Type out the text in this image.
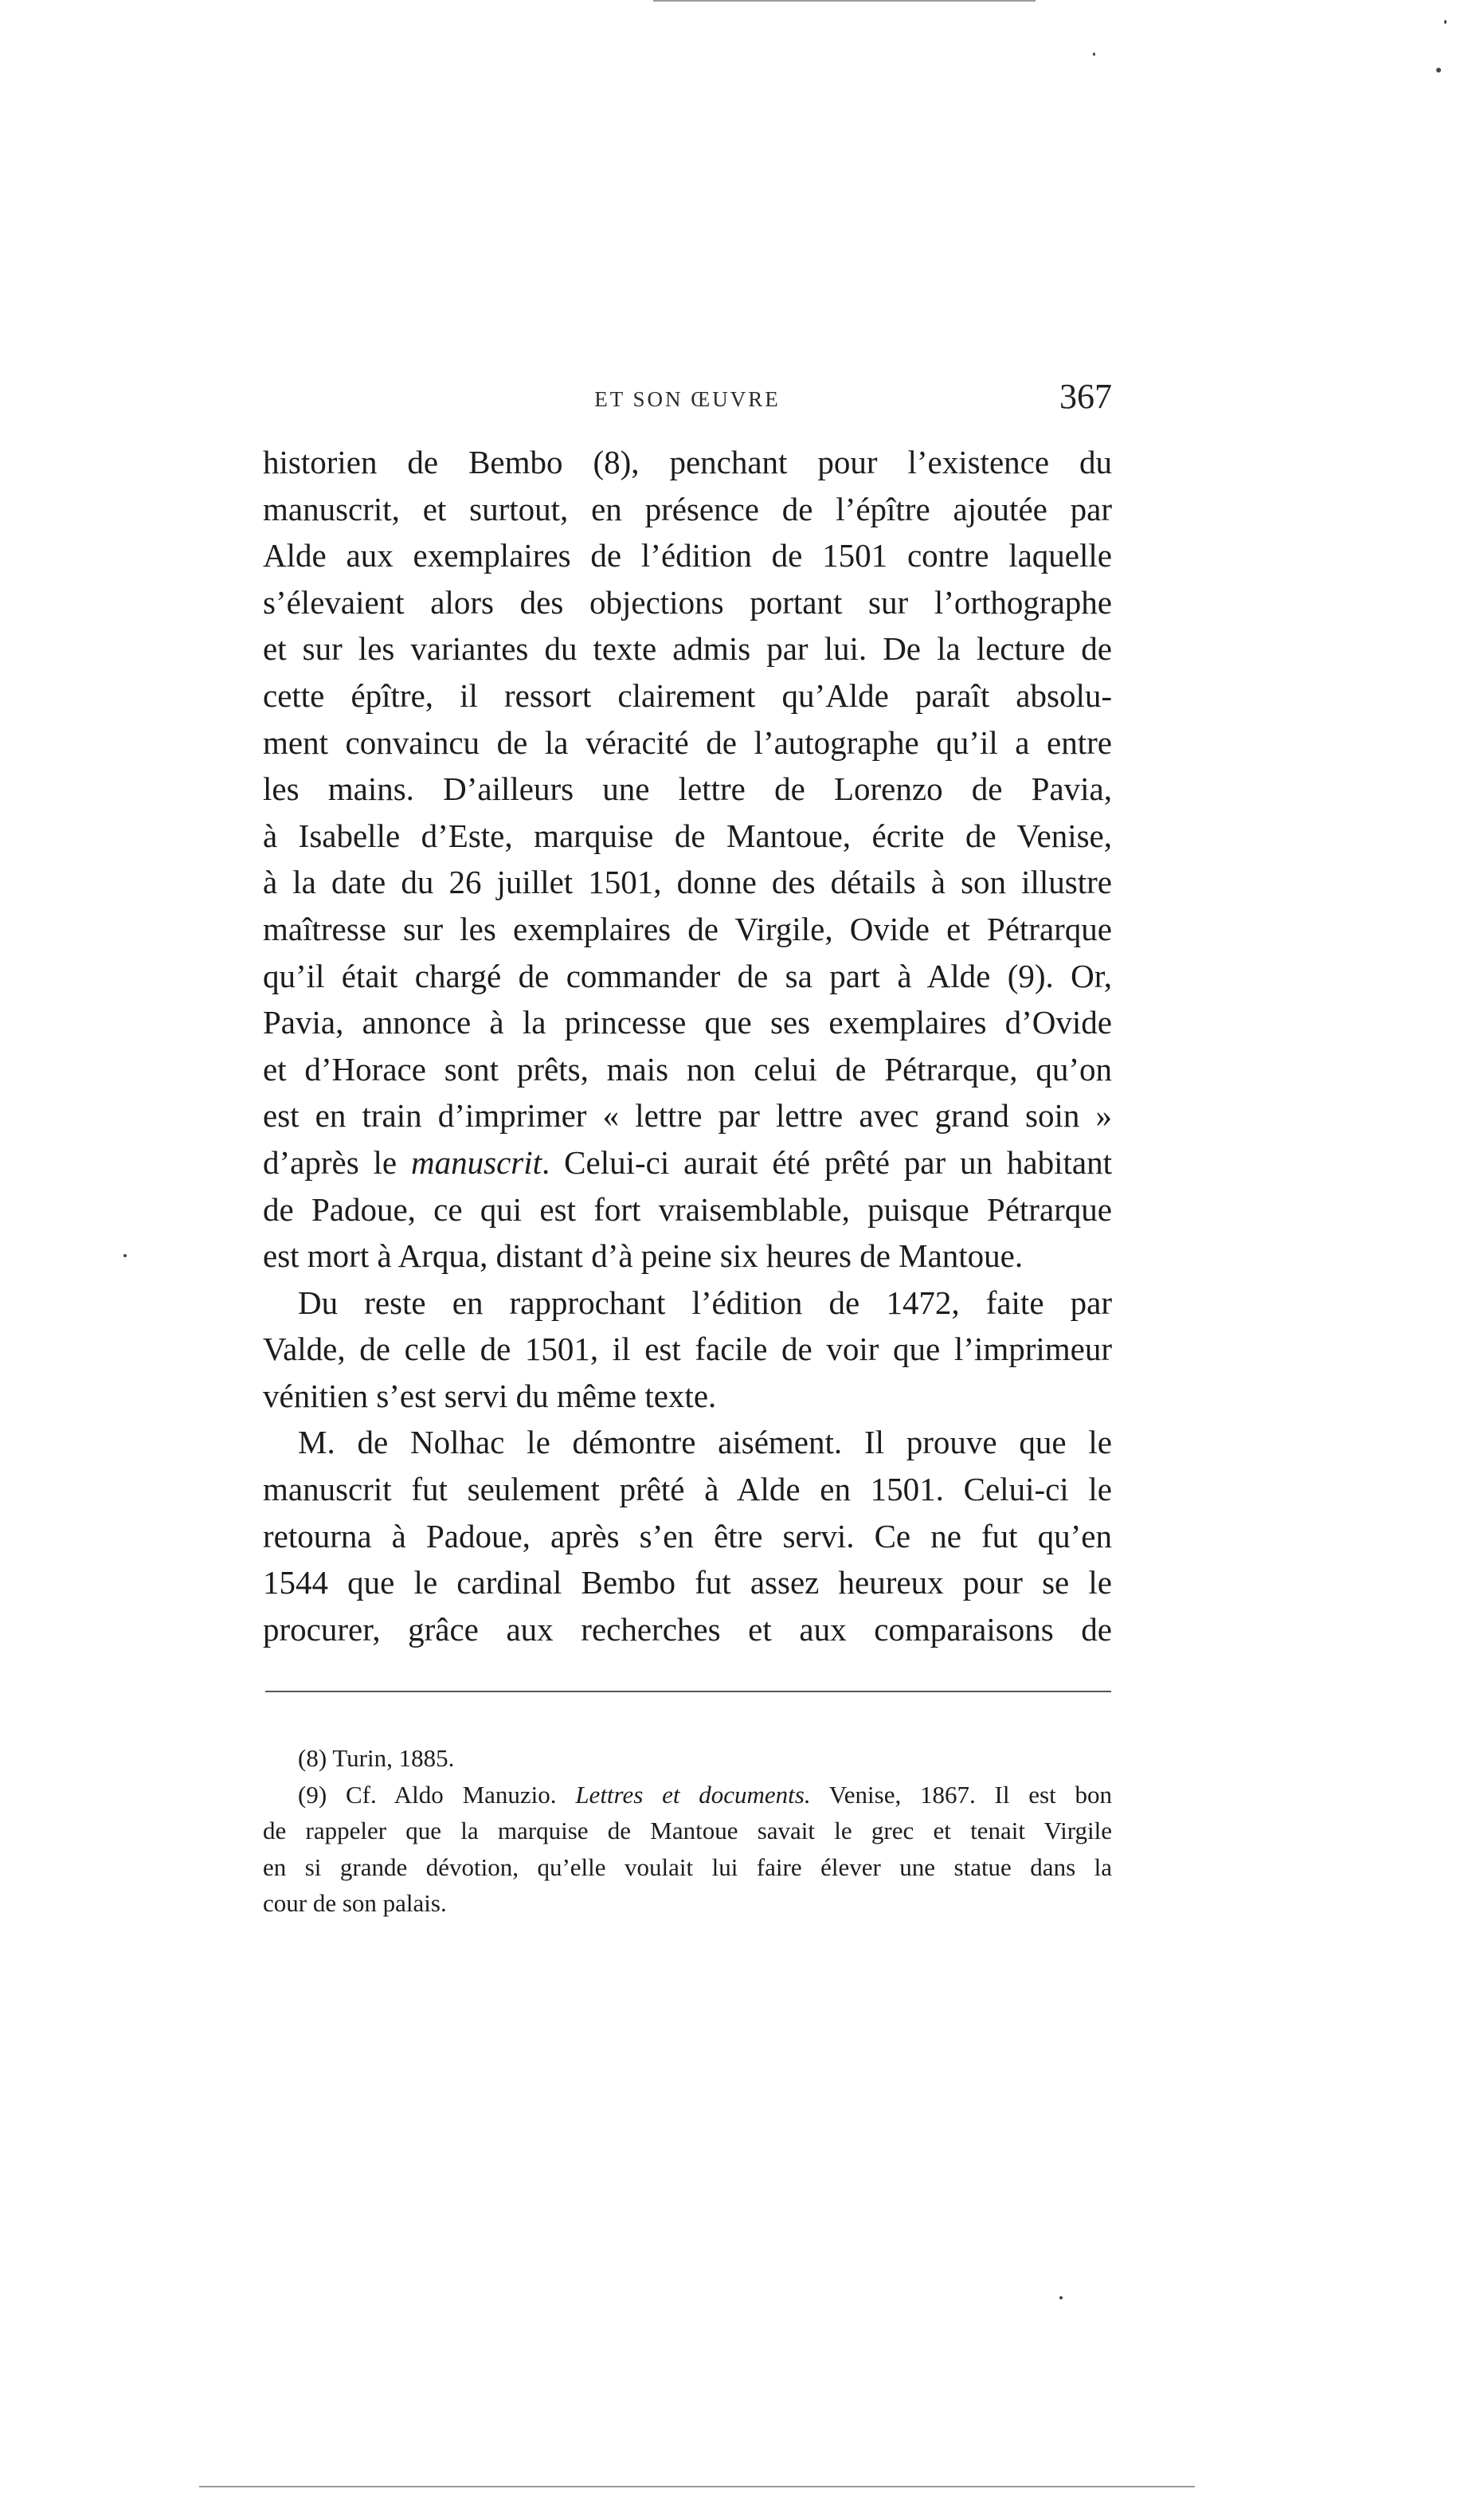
ET SON ŒUVRE	367
historien de Bembo (8), penchant pour l’existence du
manuscrit, et surtout, en présence de l’épître ajoutée par
Alde aux exemplaires de l’édition de 1501 contre laquelle
s’élevaient alors des objections portant sur l’orthographe
et sur les variantes du texte admis par lui. De la lecture de
cette épître, il ressort clairement qu’Alde paraît absolu-
ment convaincu de la véracité de l’autographe qu’il a entre
les mains. D’ailleurs une lettre de Lorenzo de Pavia,
à Isabelle d’Este, marquise de Mantoue, écrite de Venise,
à la date du 26 juillet 1501, donne des détails à son illustre
maîtresse sur les exemplaires de Virgile, Ovide et Pétrarque
qu’il était chargé de commander de sa part à Alde (9). Or,
Pavia, annonce à la princesse que ses exemplaires d’Ovide
et d’Horace sont prêts, mais non celui de Pétrarque, qu’on
est en train d’imprimer « lettre par lettre avec grand soin »
d’après le manuscrit. Celui-ci aurait été prêté par un habitant
de Padoue, ce qui est fort vraisemblable, puisque Pétrarque
est mort à Arqua, distant d’à peine six heures de Mantoue.
Du reste en rapprochant l’édition de 1472, faite par
Valde, de celle de 1501, il est facile de voir que l’imprimeur
vénitien s’est servi du même texte.
M. de Nolhac le démontre aisément. Il prouve que le
manuscrit fut seulement prêté à Alde en 1501. Celui-ci le
retourna à Padoue, après s’en être servi. Ce ne fut qu’en
1544 que le cardinal Bembo fut assez heureux pour se le
procurer, grâce aux recherches et aux comparaisons de
(8) Turin, 1885.
(9) Cf. Aldo Manuzio. Lettres et documents. Venise, 1867. Il est bon
de rappeler que la marquise de Mantoue savait le grec et tenait Virgile
en si grande dévotion, qu’elle voulait lui faire élever une statue dans la
cour de son palais.
